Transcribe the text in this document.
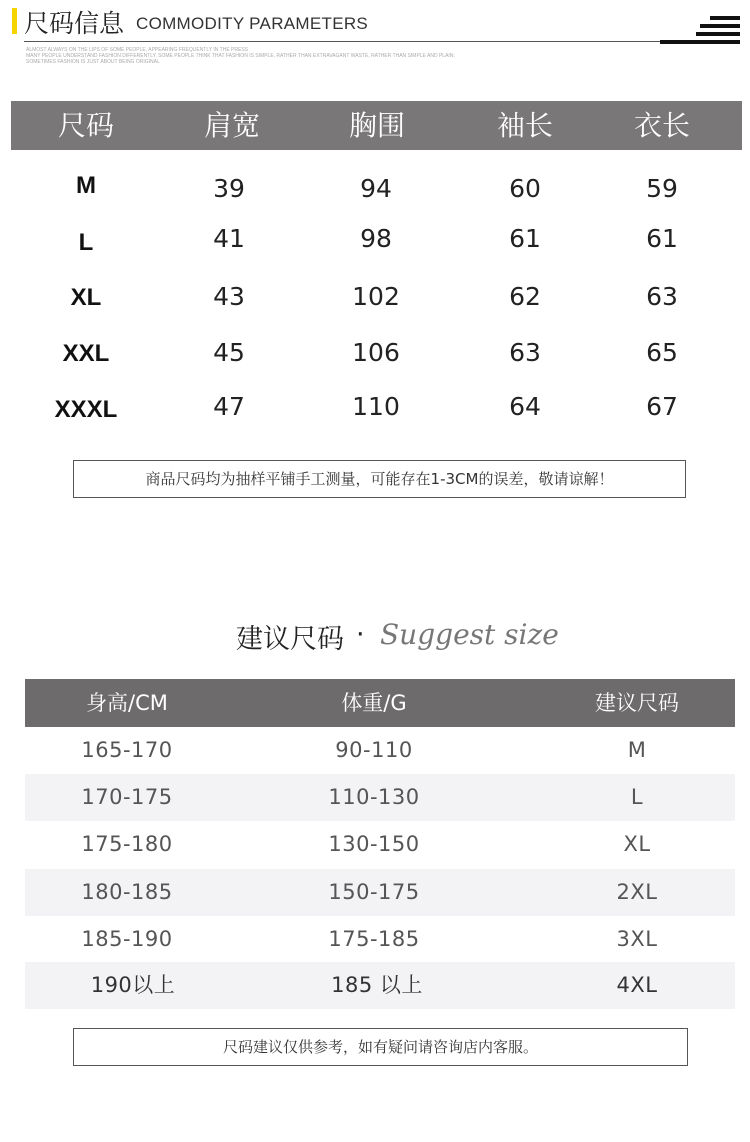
尺码信息 COMMODITY PARAMETERS
ALMOST ALWAYS ON THE LIPS OF SOME PEOPLE, APPEARING FREQUENTLY IN THE PRESS
MANY PEOPLE UNDERSTAND FASHION DIFFERENTLY. SOME PEOPLE THINK THAT FASHION IS SIMPLE, RATHER THAN EXTRAVAGANT WASTE, RATHER THAN SIMPLE AND PLAIN;
SOMETIMES FASHION IS JUST ABOUT BEING ORIGINAL
尺码	肩宽	胸围	袖长	衣长
M	39	94	60	59
L	41	98	61	61
XL	43	102	62	63
XXL	45	106	63	65
XXXL	47	110	64	67
商品尺码均为抽样平铺手工测量，可能存在1-3CM的误差，敬请谅解！
建议尺码 · Suggest size
身高/CM	体重/G	建议尺码
165-170	90-110	M
170-175	110-130	L
175-180	130-150	XL
180-185	150-175	2XL
185-190	175-185	3XL
190以上	185 以上	4XL
尺码建议仅供参考，如有疑问请咨询店内客服。
